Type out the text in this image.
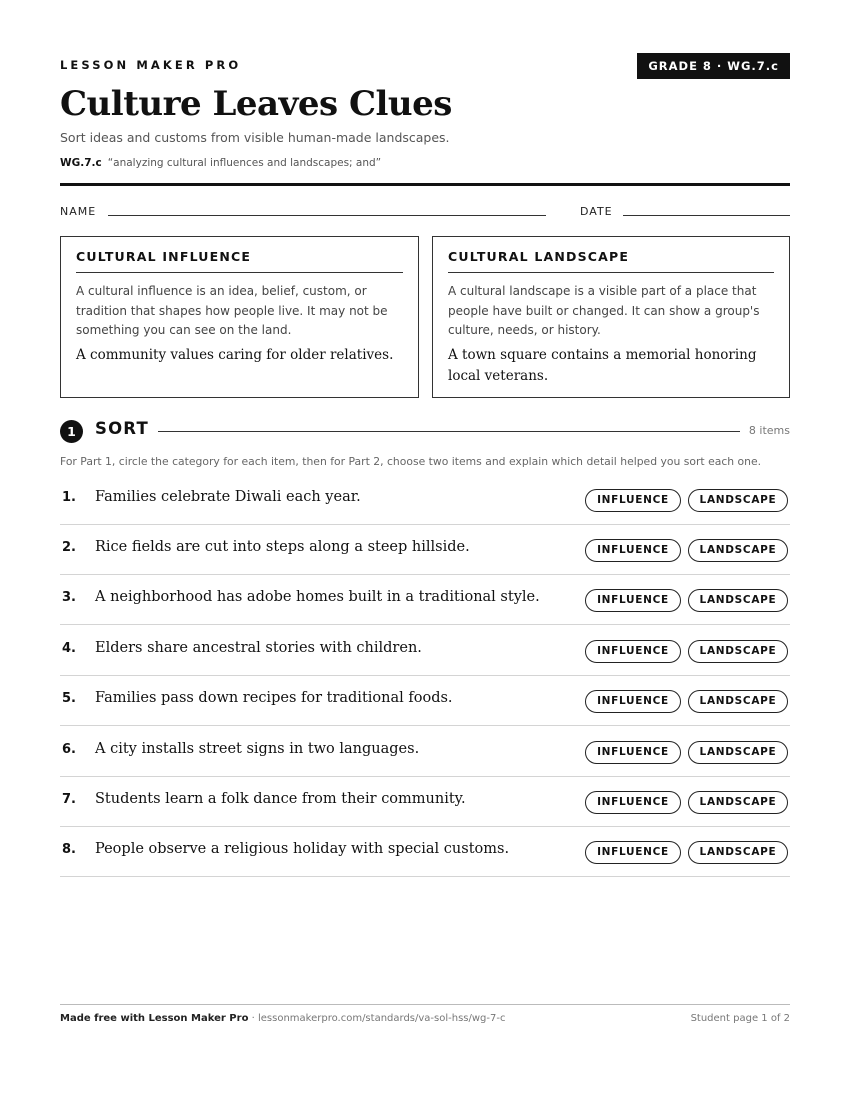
LESSON MAKER PRO	GRADE 8 · WG.7.c
Culture Leaves Clues
Sort ideas and customs from visible human-made landscapes.
WG.7.c “analyzing cultural influences and landscapes; and”
NAME	DATE
CULTURAL INFLUENCE
A cultural influence is an idea, belief, custom, or tradition that shapes how people live. It may not be something you can see on the land.
A community values caring for older relatives.
CULTURAL LANDSCAPE
A cultural landscape is a visible part of a place that people have built or changed. It can show a group's culture, needs, or history.
A town square contains a memorial honoring local veterans.
1	SORT	8 items
For Part 1, circle the category for each item, then for Part 2, choose two items and explain which detail helped you sort each one.
1. Families celebrate Diwali each year.	INFLUENCE	LANDSCAPE
2. Rice fields are cut into steps along a steep hillside.	INFLUENCE	LANDSCAPE
3. A neighborhood has adobe homes built in a traditional style.	INFLUENCE	LANDSCAPE
4. Elders share ancestral stories with children.	INFLUENCE	LANDSCAPE
5. Families pass down recipes for traditional foods.	INFLUENCE	LANDSCAPE
6. A city installs street signs in two languages.	INFLUENCE	LANDSCAPE
7. Students learn a folk dance from their community.	INFLUENCE	LANDSCAPE
8. People observe a religious holiday with special customs.	INFLUENCE	LANDSCAPE
Made free with Lesson Maker Pro · lessonmakerpro.com/standards/va-sol-hss/wg-7-c	Student page 1 of 2
